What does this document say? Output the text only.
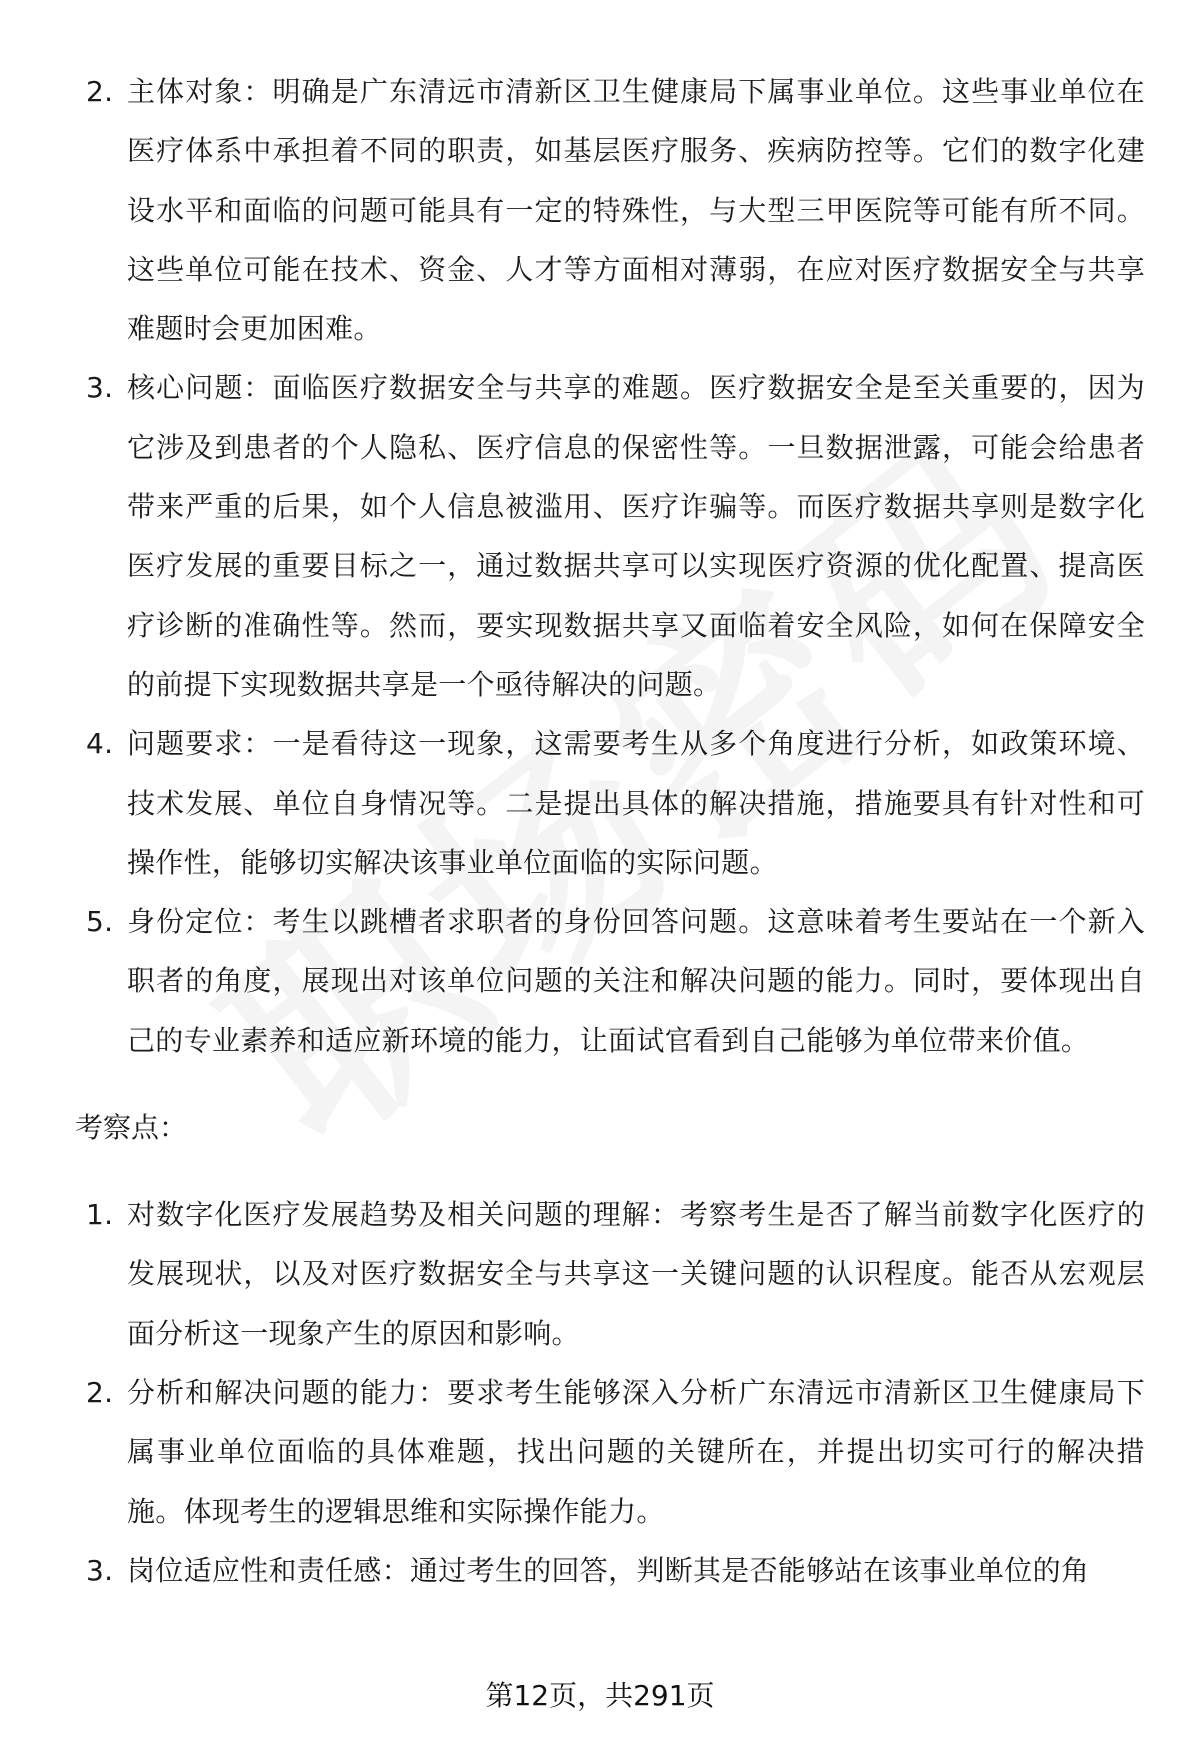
2. 主体对象：明确是广东清远市清新区卫生健康局下属事业单位。这些事业单位在医疗体系中承担着不同的职责，如基层医疗服务、疾病防控等。它们的数字化建设水平和面临的问题可能具有一定的特殊性，与大型三甲医院等可能有所不同。这些单位可能在技术、资金、人才等方面相对薄弱，在应对医疗数据安全与共享难题时会更加困难。
3. 核心问题：面临医疗数据安全与共享的难题。医疗数据安全是至关重要的，因为它涉及到患者的个人隐私、医疗信息的保密性等。一旦数据泄露，可能会给患者带来严重的后果，如个人信息被滥用、医疗诈骗等。而医疗数据共享则是数字化医疗发展的重要目标之一，通过数据共享可以实现医疗资源的优化配置、提高医疗诊断的准确性等。然而，要实现数据共享又面临着安全风险，如何在保障安全的前提下实现数据共享是一个亟待解决的问题。
4. 问题要求：一是看待这一现象，这需要考生从多个角度进行分析，如政策环境、技术发展、单位自身情况等。二是提出具体的解决措施，措施要具有针对性和可操作性，能够切实解决该事业单位面临的实际问题。
5. 身份定位：考生以跳槽者求职者的身份回答问题。这意味着考生要站在一个新入职者的角度，展现出对该单位问题的关注和解决问题的能力。同时，要体现出自己的专业素养和适应新环境的能力，让面试官看到自己能够为单位带来价值。
考察点：
1. 对数字化医疗发展趋势及相关问题的理解：考察考生是否了解当前数字化医疗的发展现状，以及对医疗数据安全与共享这一关键问题的认识程度。能否从宏观层面分析这一现象产生的原因和影响。
2. 分析和解决问题的能力：要求考生能够深入分析广东清远市清新区卫生健康局下属事业单位面临的具体难题，找出问题的关键所在，并提出切实可行的解决措施。体现考生的逻辑思维和实际操作能力。
3. 岗位适应性和责任感：通过考生的回答，判断其是否能够站在该事业单位的角
第12页，共291页
